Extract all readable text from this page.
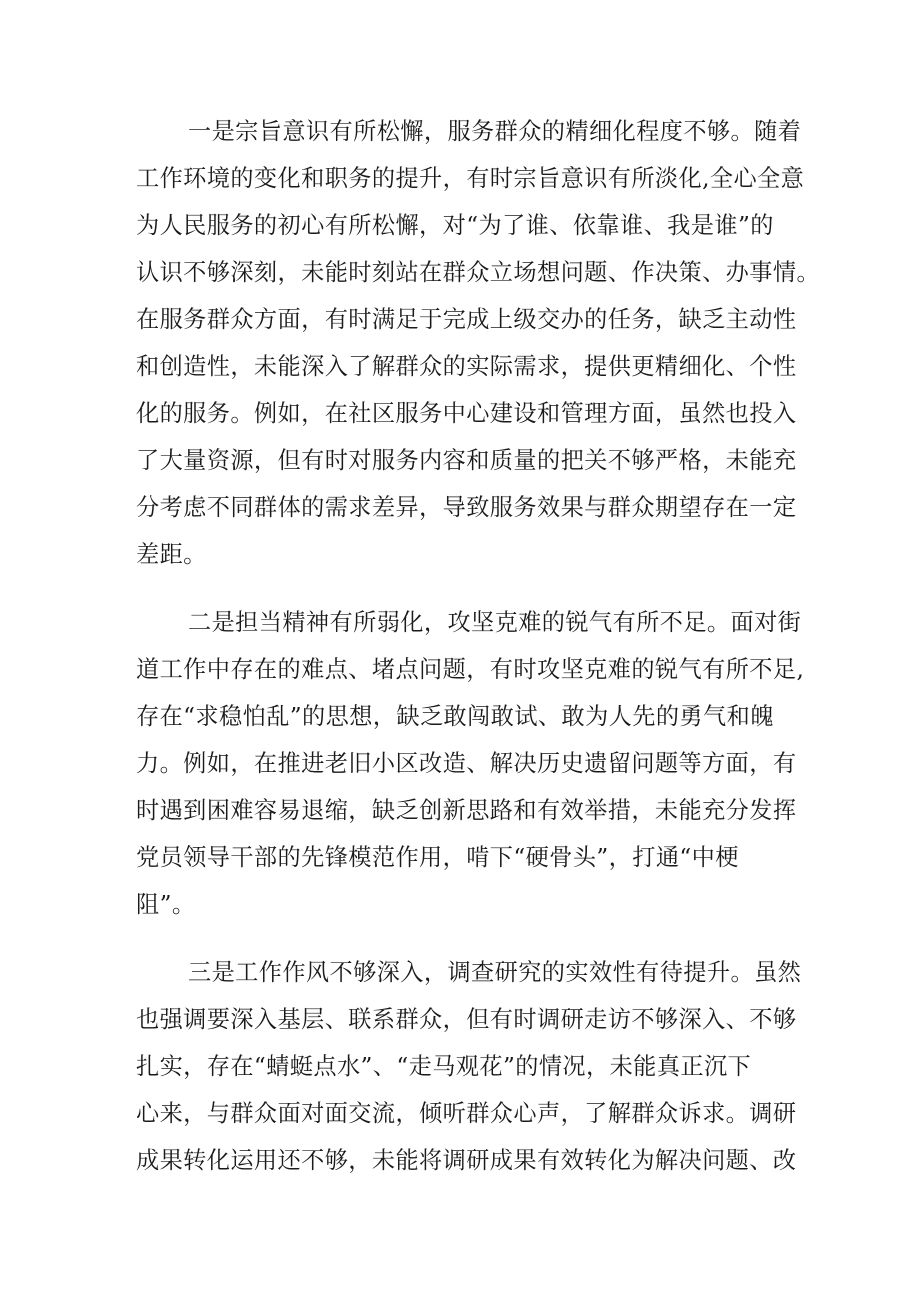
一是宗旨意识有所松懈，服务群众的精细化程度不够。随着
工作环境的变化和职务的提升，有时宗旨意识有所淡化,全心全意
为人民服务的初心有所松懈，对“为了谁、依靠谁、我是谁”的
认识不够深刻，未能时刻站在群众立场想问题、作决策、办事情。
在服务群众方面，有时满足于完成上级交办的任务，缺乏主动性
和创造性，未能深入了解群众的实际需求，提供更精细化、个性
化的服务。例如，在社区服务中心建设和管理方面，虽然也投入
了大量资源，但有时对服务内容和质量的把关不够严格，未能充
分考虑不同群体的需求差异，导致服务效果与群众期望存在一定
差距。

二是担当精神有所弱化，攻坚克难的锐气有所不足。面对街
道工作中存在的难点、堵点问题，有时攻坚克难的锐气有所不足,
存在“求稳怕乱”的思想，缺乏敢闯敢试、敢为人先的勇气和魄
力。例如，在推进老旧小区改造、解决历史遗留问题等方面，有
时遇到困难容易退缩，缺乏创新思路和有效举措，未能充分发挥
党员领导干部的先锋模范作用，啃下“硬骨头”，打通“中梗
阻”。

三是工作作风不够深入，调查研究的实效性有待提升。虽然
也强调要深入基层、联系群众，但有时调研走访不够深入、不够
扎实，存在“蜻蜓点水”、“走马观花”的情况，未能真正沉下
心来，与群众面对面交流，倾听群众心声，了解群众诉求。调研
成果转化运用还不够，未能将调研成果有效转化为解决问题、改
